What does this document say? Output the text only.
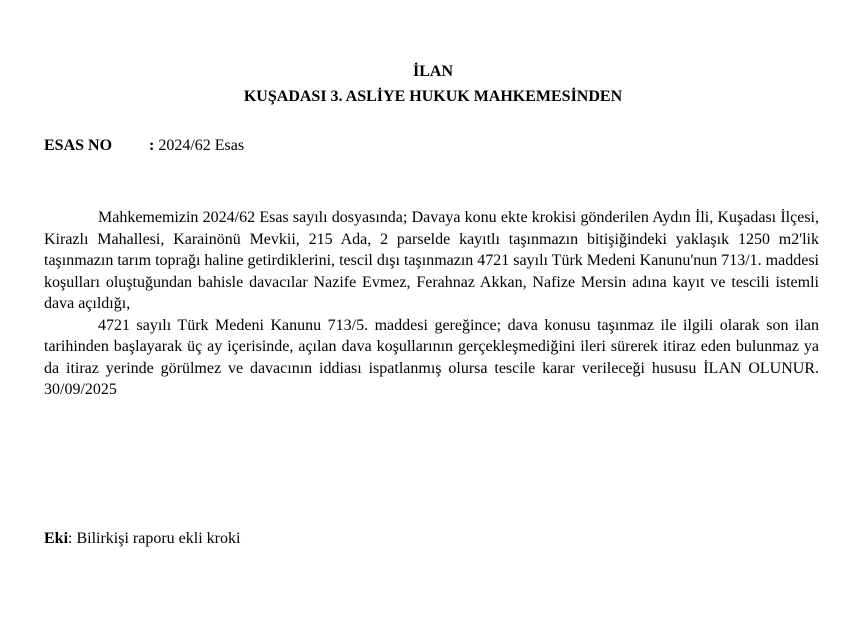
İLAN
KUŞADASI 3. ASLİYE HUKUK MAHKEMESİNDEN
ESAS NO : 2024/62 Esas

Mahkememizin 2024/62 Esas sayılı dosyasında; Davaya konu ekte krokisi gönderilen Aydın İli, Kuşadası İlçesi, Kirazlı Mahallesi, Karainönü Mevkii, 215 Ada, 2 parselde kayıtlı taşınmazın bitişiğindeki yaklaşık 1250 m2'lik taşınmazın tarım toprağı haline getirdiklerini, tescil dışı taşınmazın 4721 sayılı Türk Medeni Kanunu'nun 713/1. maddesi koşulları oluştuğundan bahisle davacılar Nazife Evmez, Ferahnaz Akkan, Nafize Mersin adına kayıt ve tescili istemli dava açıldığı,

4721 sayılı Türk Medeni Kanunu 713/5. maddesi gereğince; dava konusu taşınmaz ile ilgili olarak son ilan tarihinden başlayarak üç ay içerisinde, açılan dava koşullarının gerçekleşmediğini ileri sürerek itiraz eden bulunmaz ya da itiraz yerinde görülmez ve davacının iddiası ispatlanmış olursa tescile karar verileceği hususu İLAN OLUNUR. 30/09/2025

Eki: Bilirkişi raporu ekli kroki
